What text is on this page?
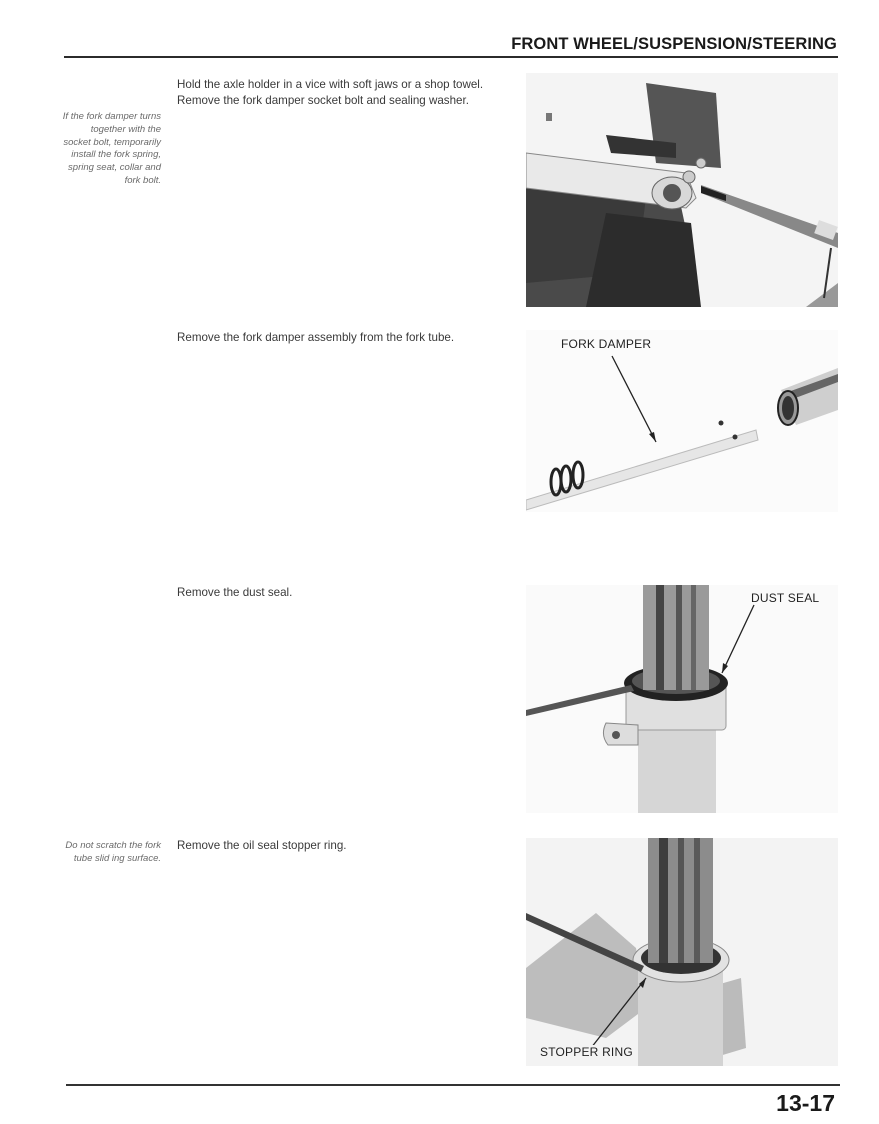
FRONT WHEEL/SUSPENSION/STEERING
If the fork damper turns together with the socket bolt, temporarily install the fork spring, spring seat, collar and fork bolt.

Hold the axle holder in a vice with soft jaws or a shop towel.

Remove the fork damper socket bolt and sealing washer.

Remove the fork damper assembly from the fork tube.	FORK DAMPER

Remove the dust seal.	DUST SEAL
Do not scratch the fork tube slid ing surface.

Remove the oil seal stopper ring.

STOPPER RING
13-17
